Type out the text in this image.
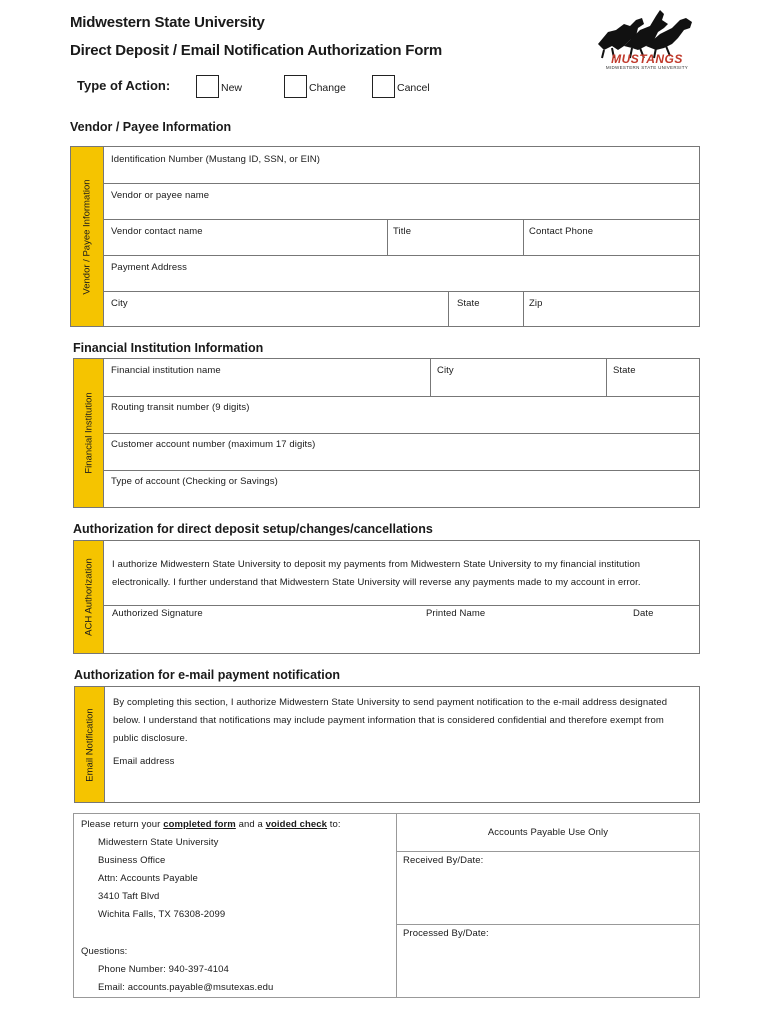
Midwestern State University
Direct Deposit / Email Notification Authorization Form	MUSTANGS
MIDWESTERN STATE UNIVERSITY
Type of Action:	New	Change	Cancel
Vendor / Payee Information
Vendor / Payee Information
Identification Number (Mustang ID, SSN, or EIN)
Vendor or payee name
Vendor contact name	Title	Contact Phone
Payment Address
City	State	Zip
Financial Institution Information
Financial Institution
Financial institution name	City	State
Routing transit number (9 digits)
Customer account number (maximum 17 digits)
Type of account (Checking or Savings)
Authorization for direct deposit setup/changes/cancellations
ACH Authorization I authorize Midwestern State University to deposit my payments from Midwestern State University to my financial institution
electronically. I further understand that Midwestern State University will reverse any payments made to my account in error.
Authorized Signature	Printed Name	Date
Authorization for e-mail payment notification
Email Notification
By completing this section, I authorize Midwestern State University to send payment notification to the e-mail address designated
below. I understand that notifications may include payment information that is considered confidential and therefore exempt from
public disclosure.
Email address
Please return your completed form and a voided check to:
Midwestern State University
Business Office
Attn: Accounts Payable
3410 Taft Blvd
Wichita Falls, TX 76308-2099
Questions:
Phone Number: 940-397-4104
Email: accounts.payable@msutexas.edu
Accounts Payable Use Only
Received By/Date:
Processed By/Date:
